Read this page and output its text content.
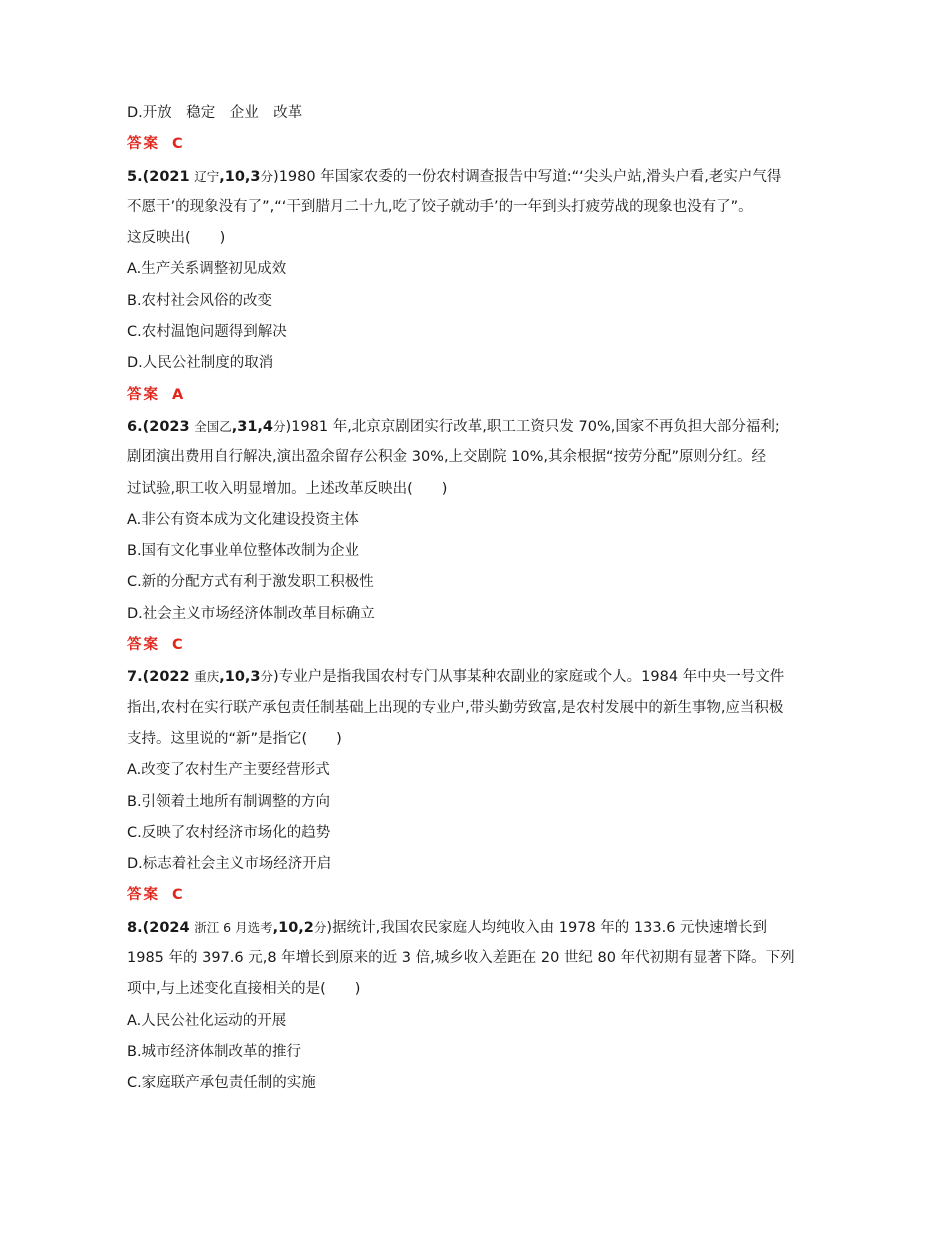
D.开放　稳定　企业　改革
答案 C
5.(2021 辽宁,10,3分)1980 年国家农委的一份农村调查报告中写道:“‘尖头户站,滑头户看,老实户气得
不愿干’的现象没有了”,“‘干到腊月二十九,吃了饺子就动手’的一年到头打疲劳战的现象也没有了”。
这反映出(　　)
A.生产关系调整初见成效
B.农村社会风俗的改变
C.农村温饱问题得到解决
D.人民公社制度的取消
答案 A
6.(2023 全国乙,31,4分)1981 年,北京京剧团实行改革,职工工资只发 70%,国家不再负担大部分福利;
剧团演出费用自行解决,演出盈余留存公积金 30%,上交剧院 10%,其余根据“按劳分配”原则分红。经
过试验,职工收入明显增加。上述改革反映出(　　)
A.非公有资本成为文化建设投资主体
B.国有文化事业单位整体改制为企业
C.新的分配方式有利于激发职工积极性
D.社会主义市场经济体制改革目标确立
答案 C
7.(2022 重庆,10,3分)专业户是指我国农村专门从事某种农副业的家庭或个人。1984 年中央一号文件
指出,农村在实行联产承包责任制基础上出现的专业户,带头勤劳致富,是农村发展中的新生事物,应当积极
支持。这里说的“新”是指它(　　)
A.改变了农村生产主要经营形式
B.引领着土地所有制调整的方向
C.反映了农村经济市场化的趋势
D.标志着社会主义市场经济开启
答案 C
8.(2024 浙江 6 月选考,10,2分)据统计,我国农民家庭人均纯收入由 1978 年的 133.6 元快速增长到
1985 年的 397.6 元,8 年增长到原来的近 3 倍,城乡收入差距在 20 世纪 80 年代初期有显著下降。下列
项中,与上述变化直接相关的是(　　)
A.人民公社化运动的开展
B.城市经济体制改革的推行
C.家庭联产承包责任制的实施
